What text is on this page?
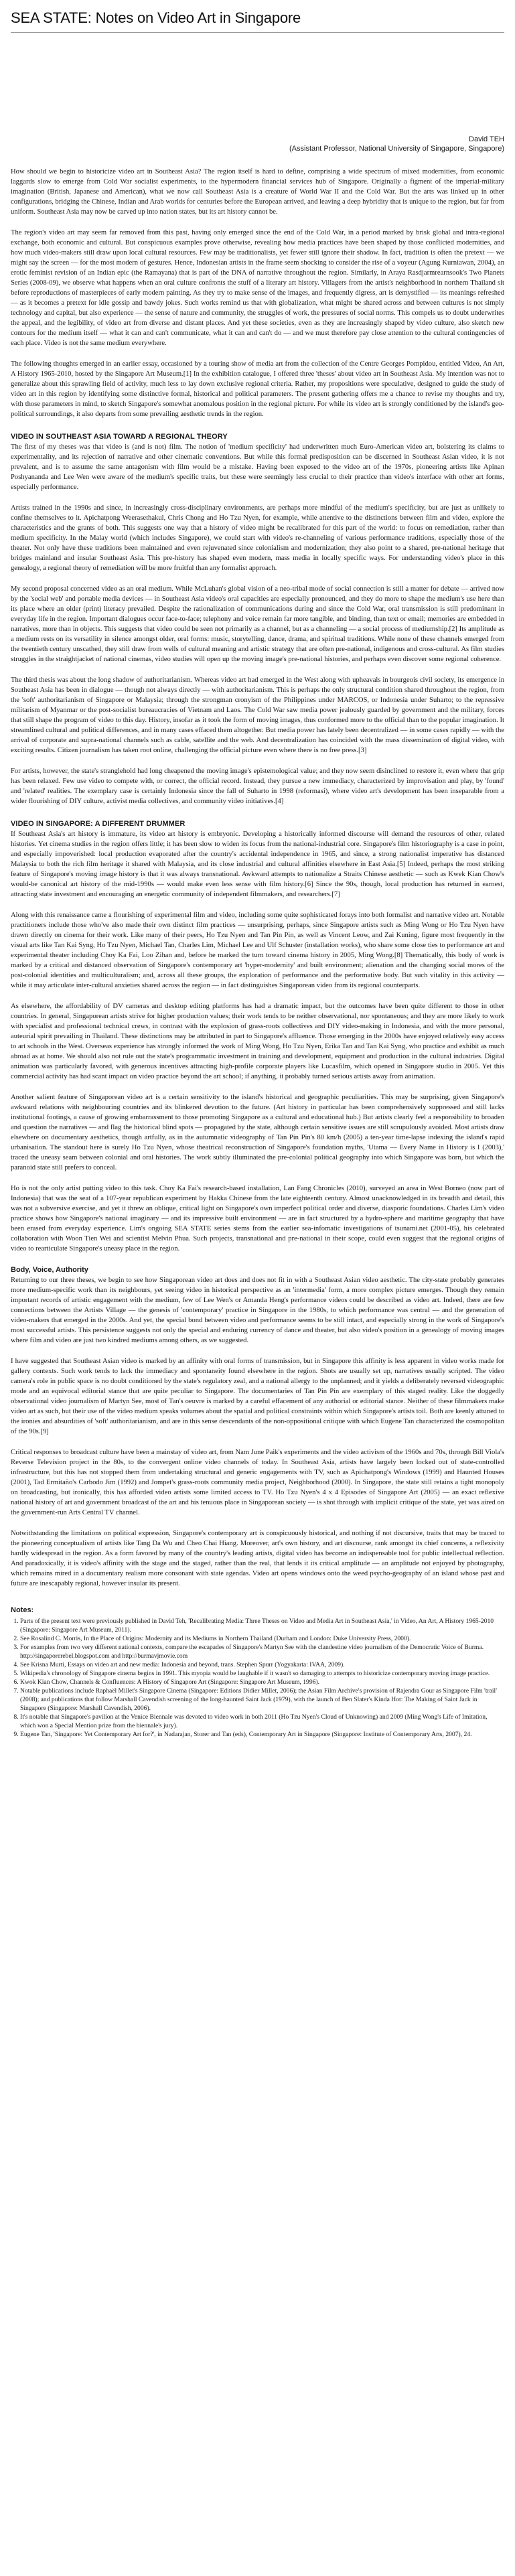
SEA STATE: Notes on Video Art in Singapore
David TEH
(Assistant Professor, National University of Singapore, Singapore)

How should we begin to historicize video art in Southeast Asia? The region itself is hard to define, comprising a wide spectrum of mixed modernities, from economic laggards slow to emerge from Cold War socialist experiments, to the hypermodern financial services hub of Singapore. Originally a figment of the imperial-military imagination (British, Japanese and American), what we now call Southeast Asia is a creature of World War II and the Cold War. But the arts was linked up in other configurations, bridging the Chinese, Indian and Arab worlds for centuries before the European arrived, and leaving a deep hybridity that is unique to the region, but far from uniform. Southeast Asia may now be carved up into nation states, but its art history cannot be.

The region's video art may seem far removed from this past, having only emerged since the end of the Cold War, in a period marked by brisk global and intra-regional exchange, both economic and cultural. But conspicuous examples prove otherwise, revealing how media practices have been shaped by those conflicted modernities, and how much video-makers still draw upon local cultural resources. Few may be traditionalists, yet fewer still ignore their shadow. In fact, tradition is often the pretext — we might say the screen — for the most modern of gestures. Hence, Indonesian artists in the frame seem shocking to consider the rise of a voyeur (Agung Kurniawan, 2004), an erotic feminist revision of an Indian epic (the Ramayana) that is part of the DNA of narrative throughout the region. Similarly, in Araya Rasdjarmrearnsook's Two Planets Series (2008-09), we observe what happens when an oral culture confronts the stuff of a literary art history. Villagers from the artist's neighborhood in northern Thailand sit before reproductions of masterpieces of early modern painting. As they try to make sense of the images, and frequently digress, art is demystified — its meanings refreshed — as it becomes a pretext for idle gossip and bawdy jokes. Such works remind us that with globalization, what might be shared across and between cultures is not simply technology and capital, but also experience — the sense of nature and community, the struggles of work, the pressures of social norms. This compels us to doubt underwrites the appeal, and the legibility, of video art from diverse and distant places. And yet these societies, even as they are increasingly shaped by video culture, also sketch new contours for the medium itself — what it can and can't communicate, what it can and can't do — and we must therefore pay close attention to the cultural contingencies of each place. Video is not the same medium everywhere.

The following thoughts emerged in an earlier essay, occasioned by a touring show of media art from the collection of the Centre Georges Pompidou, entitled Video, An Art, A History 1965-2010, hosted by the Singapore Art Museum.[1] In the exhibition catalogue, I offered three 'theses' about video art in Southeast Asia. My intention was not to generalize about this sprawling field of activity, much less to lay down exclusive regional criteria. Rather, my propositions were speculative, designed to guide the study of video art in this region by identifying some distinctive formal, historical and political parameters. The present gathering offers me a chance to revise my thoughts and try, with those parameters in mind, to sketch Singapore's somewhat anomalous position in the regional picture. For while its video art is strongly conditioned by the island's geo-political surroundings, it also departs from some prevailing aesthetic trends in the region.

VIDEO IN SOUTHEAST ASIA TOWARD A REGIONAL THEORY

The first of my theses was that video is (and is not) film. The notion of 'medium specificity' had underwritten much Euro-American video art, bolstering its claims to experimentality, and its rejection of narrative and other cinematic conventions. But while this formal predisposition can be discerned in Southeast Asian video, it is not prevalent, and is to assume the same antagonism with film would be a mistake. Having been exposed to the video art of the 1970s, pioneering artists like Apinan Poshyananda and Lee Wen were aware of the medium's specific traits, but these were seemingly less crucial to their practice than video's interface with other art forms, especially performance.

Artists trained in the 1990s and since, in increasingly cross-disciplinary environments, are perhaps more mindful of the medium's specificity, but are just as unlikely to confine themselves to it. Apichatpong Weerasethakul, Chris Chong and Ho Tzu Nyen, for example, while attentive to the distinctions between film and video, explore the characteristics and the grants of both. This suggests one way that a history of video might be recalibrated for this part of the world: to focus on remediation, rather than medium specificity. In the Malay world (which includes Singapore), we could start with video's re-channeling of various performance traditions, especially those of the theater. Not only have these traditions been maintained and even rejuvenated since colonialism and modernization; they also point to a shared, pre-national heritage that bridges mainland and insular Southeast Asia. This pre-history has shaped even modern, mass media in locally specific ways. For understanding video's place in this genealogy, a regional theory of remediation will be more fruitful than any formalist approach.

My second proposal concerned video as an oral medium. While McLuhan's global vision of a neo-tribal mode of social connection is still a matter for debate — arrived now by the 'social web' and portable media devices — in Southeast Asia video's oral capacities are especially pronounced, and they do more to shape the medium's use here than its place where an older (print) literacy prevailed. Despite the rationalization of communications during and since the Cold War, oral transmission is still predominant in everyday life in the region. Important dialogues occur face-to-face; telephony and voice remain far more tangible, and binding, than text or email; memories are embedded in narratives, more than in objects. This suggests that video could be seen not primarily as a channel, but as a channeling — a social process of mediumship.[2] Its amplitude as a medium rests on its versatility in silence amongst older, oral forms: music, storytelling, dance, drama, and spiritual traditions. While none of these channels emerged from the twentieth century unscathed, they still draw from wells of cultural meaning and artistic strategy that are often pre-national, indigenous and cross-cultural. As film studies struggles in the straightjacket of national cinemas, video studies will open up the moving image's pre-national histories, and perhaps even discover some regional coherence.

The third thesis was about the long shadow of authoritarianism. Whereas video art had emerged in the West along with upheavals in bourgeois civil society, its emergence in Southeast Asia has been in dialogue — though not always directly — with authoritarianism. This is perhaps the only structural condition shared throughout the region, from the 'soft' authoritarianism of Singapore or Malaysia; through the strongman cronyism of the Philippines under MARCOS, or Indonesia under Suharto; to the repressive militarism of Myanmar or the post-socialist bureaucracies of Vietnam and Laos. The Cold War saw media power jealously guarded by government and the military, forces that still shape the program of video to this day. History, insofar as it took the form of moving images, thus conformed more to the official than to the popular imagination. It streamlined cultural and political differences, and in many cases effaced them altogether. But media power has lately been decentralized — in some cases rapidly — with the arrival of corporate and supra-national channels such as cable, satellite and the web. And decentralization has coincided with the mass dissemination of digital video, with exciting results. Citizen journalism has taken root online, challenging the official picture even where there is no free press.[3]

For artists, however, the state's stranglehold had long cheapened the moving image's epistemological value; and they now seem disinclined to restore it, even where that grip has been relaxed. Few use video to compete with, or correct, the official record. Instead, they pursue a new immediacy, characterized by improvisation and play, by 'found' and 'related' realities. The exemplary case is certainly Indonesia since the fall of Suharto in 1998 (reformasi), where video art's development has been inseparable from a wider flourishing of DIY culture, activist media collectives, and community video initiatives.[4]

VIDEO IN SINGAPORE: A DIFFERENT DRUMMER

If Southeast Asia's art history is immature, its video art history is embryonic. Developing a historically informed discourse will demand the resources of other, related histories. Yet cinema studies in the region offers little; it has been slow to widen its focus from the national-industrial core. Singapore's film historiography is a case in point, and especially impoverished: local production evaporated after the country's accidental independence in 1965, and since, a strong nationalist imperative has distanced Malaysia to both the rich film heritage it shared with Malaysia, and its close industrial and cultural affinities elsewhere in East Asia.[5] Indeed, perhaps the most striking feature of Singapore's moving image history is that it was always transnational. Awkward attempts to nationalize a Straits Chinese aesthetic — such as Kwek Kian Chow's would-be canonical art history of the mid-1990s — would make even less sense with film history.[6] Since the 90s, though, local production has returned in earnest, attracting state investment and encouraging an energetic community of independent filmmakers, and researchers.[7]

Along with this renaissance came a flourishing of experimental film and video, including some quite sophisticated forays into both formalist and narrative video art. Notable practitioners include those who've also made their own distinct film practices — unsurprising, perhaps, since Singapore artists such as Ming Wong or Ho Tzu Nyen have drawn directly on cinema for their work. Like many of their peers, Ho Tzu Nyen and Tan Pin Pin, as well as Vincent Leow, and Zai Kuning, figure most frequently in the visual arts like Tan Kai Syng, Ho Tzu Nyen, Michael Tan, Charles Lim, Michael Lee and Ulf Schuster (installation works), who share some close ties to performance art and experimental theater including Choy Ka Fai, Loo Zihan and, before he marked the turn toward cinema history in 2005, Ming Wong.[8] Thematically, this body of work is marked by a critical and distanced observation of Singapore's contemporary art 'hyper-modernity' and built environment; alienation and the changing social mores of the post-colonial identities and multiculturalism; and, across all these groups, the exploration of performance and the performative body. But such vitality in this activity — while it may articulate inter-cultural anxieties shared across the region — in fact distinguishes Singaporean video from its regional counterparts.

As elsewhere, the affordability of DV cameras and desktop editing platforms has had a dramatic impact, but the outcomes have been quite different to those in other countries. In general, Singaporean artists strive for higher production values; their work tends to be neither observational, nor spontaneous; and they are more likely to work with specialist and professional technical crews, in contrast with the explosion of grass-roots collectives and DIY video-making in Indonesia, and with the more personal, auteurial spirit prevailing in Thailand. These distinctions may be attributed in part to Singapore's affluence. Those emerging in the 2000s have enjoyed relatively easy access to art schools in the West. Overseas experience has strongly informed the work of Ming Wong, Ho Tzu Nyen, Erika Tan and Tan Kai Syng, who practice and exhibit as much abroad as at home. We should also not rule out the state's programmatic investment in training and development, equipment and production in the cultural industries. Digital animation was particularly favored, with generous incentives attracting high-profile corporate players like Lucasfilm, which opened in Singapore studio in 2005. Yet this commercial activity has had scant impact on video practice beyond the art school; if anything, it probably turned serious artists away from animation.

Another salient feature of Singaporean video art is a certain sensitivity to the island's historical and geographic peculiarities. This may be surprising, given Singapore's awkward relations with neighbouring countries and its blinkered devotion to the future. (Art history in particular has been comprehensively suppressed and still lacks institutional footings, a cause of growing embarrassment to those promoting Singapore as a cultural and educational hub.) But artists clearly feel a responsibility to broaden and question the narratives — and flag the historical blind spots — propagated by the state, although certain sensitive issues are still scrupulously avoided. Most artists draw elsewhere on documentary aesthetics, though artfully, as in the autumnatic videography of Tan Pin Pin's 80 km/h (2005) a ten-year time-lapse indexing the island's rapid urbanisation. The standout here is surely Ho Tzu Nyen, whose theatrical reconstruction of Singapore's foundation myths, 'Utama — Every Name in History is I (2003),' traced the uneasy seam between colonial and oral histories. The work subtly illuminated the pre-colonial political geography into which Singapore was born, but which the paranoid state still prefers to conceal.

Ho is not the only artist putting video to this task. Choy Ka Fai's research-based installation, Lan Fang Chronicles (2010), surveyed an area in West Borneo (now part of Indonesia) that was the seat of a 107-year republican experiment by Hakka Chinese from the late eighteenth century. Almost unacknowledged in its breadth and detail, this was not a subversive exercise, and yet it threw an oblique, critical light on Singapore's own imperfect political order and diverse, diasporic foundations. Charles Lim's video practice shows how Singapore's national imaginary — and its impressive built environment — are in fact structured by a hydro-sphere and maritime geography that have been erased from everyday experience. Lim's ongoing SEA STATE series stems from the earlier sea-infomatic investigations of tsunami.net (2001-05), his celebrated collaboration with Woon Tien Wei and scientist Melvin Phua. Such projects, transnational and pre-national in their scope, could even suggest that the regional origins of video to rearticulate Singapore's uneasy place in the region.

Body, Voice, Authority

Returning to our three theses, we begin to see how Singaporean video art does and does not fit in with a Southeast Asian video aesthetic. The city-state probably generates more medium-specific work than its neighbours, yet seeing video in historical perspective as an 'intermedia' form, a more complex picture emerges. Though they remain important records of artistic engagement with the medium, few of Lee Wen's or Amanda Heng's performance videos could be described as video art. Indeed, there are few connections between the Artists Village — the genesis of 'contemporary' practice in Singapore in the 1980s, to which performance was central — and the generation of video-makers that emerged in the 2000s. And yet, the special bond between video and performance seems to be still intact, and especially strong in the work of Singapore's most successful artists. This persistence suggests not only the special and enduring currency of dance and theater, but also video's position in a genealogy of moving images where film and video are just two kindred mediums among others, as we suggested.

I have suggested that Southeast Asian video is marked by an affinity with oral forms of transmission, but in Singapore this affinity is less apparent in video works made for gallery contexts. Such work tends to lack the immediacy and spontaneity found elsewhere in the region. Shots are usually set up, narratives usually scripted. The video camera's role in public space is no doubt conditioned by the state's regulatory zeal, and a national allergy to the unplanned; and it yields a deliberately reversed videographic mode and an equivocal editorial stance that are quite peculiar to Singapore. The documentaries of Tan Pin Pin are exemplary of this staged reality. Like the doggedly observational video journalism of Martyn See, most of Tan's oeuvre is marked by a careful effacement of any authorial or editorial stance. Neither of these filmmakers make video art as such, but their use of the video medium speaks volumes about the spatial and political constraints within which Singapore's artists toil. Both are keenly attuned to the ironies and absurdities of 'soft' authoritarianism, and are in this sense descendants of the non-oppositional critique with which Eugene Tan characterized the cosmopolitan of the 90s.[9]

Critical responses to broadcast culture have been a mainstay of video art, from Nam June Paik's experiments and the video activism of the 1960s and 70s, through Bill Viola's Reverse Television project in the 80s, to the convergent online video channels of today. In Southeast Asia, artists have largely been locked out of state-controlled infrastructure, but this has not stopped them from undertaking structural and generic engagements with TV, such as Apichatpong's Windows (1999) and Haunted Houses (2001), Tad Ermitaño's Carbodo Jim (1992) and Jompet's grass-roots community media project, Neighborhood (2000). In Singapore, the state still retains a tight monopoly on broadcasting, but ironically, this has afforded video artists some limited access to TV. Ho Tzu Nyen's 4 x 4 Episodes of Singapore Art (2005) — an exact reflexive national history of art and government broadcast of the art and his tenuous place in Singaporean society — is shot through with implicit critique of the state, yet was aired on the government-run Arts Central TV channel.

Notwithstanding the limitations on political expression, Singapore's contemporary art is conspicuously historical, and nothing if not discursive, traits that may be traced to the pioneering conceptualism of artists like Tang Da Wu and Cheo Chai Hiang. Moreover, art's own history, and art discourse, rank amongst its chief concerns, a reflexivity hardly widespread in the region. As a form favored by many of the country's leading artists, digital video has become an indispensable tool for public intellectual reflection. And paradoxically, it is video's affinity with the stage and the staged, rather than the real, that lends it its critical amplitude — an amplitude not enjoyed by photography, which remains mired in a documentary realism more consonant with state agendas. Video art opens windows onto the weed psycho-geography of an island whose past and future are inescapably regional, however insular its present.

Notes:
1. Parts of the present text were previously published in David Teh, 'Recalibrating Media: Three Theses on Video and Media Art in Southeast Asia,' in Video, An Art, A History 1965-2010 (Singapore: Singapore Art Museum, 2011).
2. See Rosalind C. Morris, In the Place of Origins: Modernity and its Mediums in Northern Thailand (Durham and London: Duke University Press, 2000).
3. For examples from two very different national contexts, compare the escapades of Singapore's Martyn See with the clandestine video journalism of the Democratic Voice of Burma. http://singaporerebel.blogspot.com and http://burmavjmovie.com
4. See Krisna Murti, Essays on video art and new media: Indonesia and beyond, trans. Stephen Spurr (Yogyakarta: IVAA, 2009).
5. Wikipedia's chronology of Singapore cinema begins in 1991. This myopia would be laughable if it wasn't so damaging to attempts to historicize contemporary moving image practice.
6. Kwok Kian Chow, Channels & Confluences: A History of Singapore Art (Singapore: Singapore Art Museum, 1996).
7. Notable publications include Raphaël Millet's Singapore Cinema (Singapore: Editions Didier Millet, 2006); the Asian Film Archive's provision of Rajendra Gour as Singapore Film 'trail' (2008); and publications that follow Marshall Cavendish screening of the long-haunted Saint Jack (1979), with the launch of Ben Slater's Kinda Hot: The Making of Saint Jack in Singapore (Singapore: Marshall Cavendish, 2006).
8. It's notable that Singapore's pavilion at the Venice Biennale was devoted to video work in both 2011 (Ho Tzu Nyen's Cloud of Unknowing) and 2009 (Ming Wong's Life of Imitation, which won a Special Mention prize from the biennale's jury).
9. Eugene Tan, 'Singapore: Yet Contemporary Art for?', in Nadarajan, Storer and Tan (eds), Contemporary Art in Singapore (Singapore: Institute of Contemporary Arts, 2007), 24.
